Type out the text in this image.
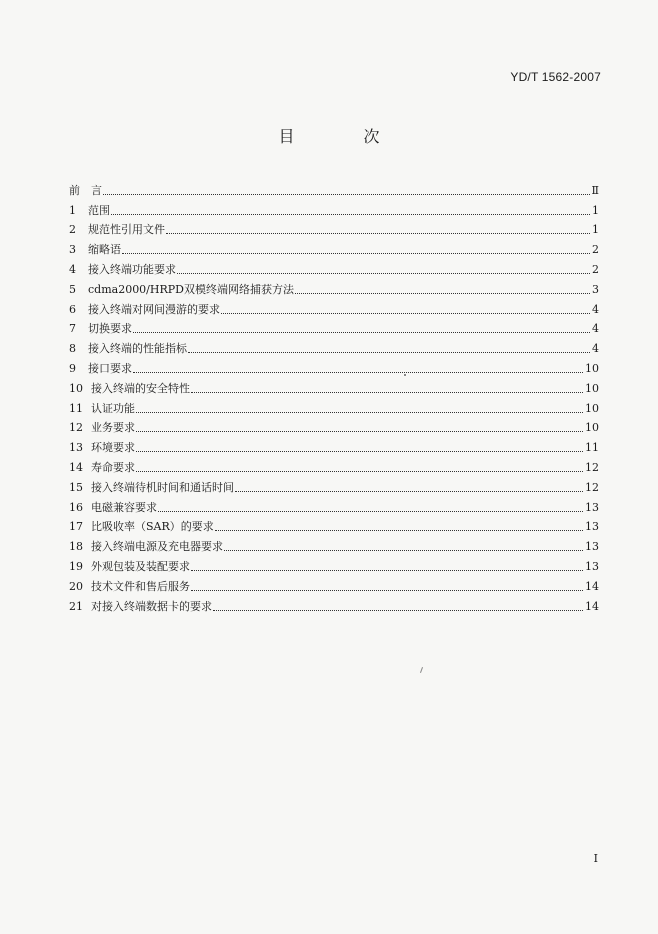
YD/T 1562-2007
目 次
前	言	Ⅱ
1	范围	1
2	规范性引用文件	1
3	缩略语	2
4	接入终端功能要求	2
5	cdma2000/HRPD双模终端网络捕获方法	3
6	接入终端对网间漫游的要求	4
7	切换要求	4
8	接入终端的性能指标	4
9	接口要求	10
10 接入终端的安全特性	10
11 认证功能	10
12 业务要求	10
13 环境要求	11
14 寿命要求	12
15 接入终端待机时间和通话时间	12
16 电磁兼容要求	13
17 比吸收率（SAR）的要求	13
18 接入终端电源及充电器要求	13
19 外观包装及装配要求	13
20 技术文件和售后服务	14
21 对接入终端数据卡的要求	14
I
